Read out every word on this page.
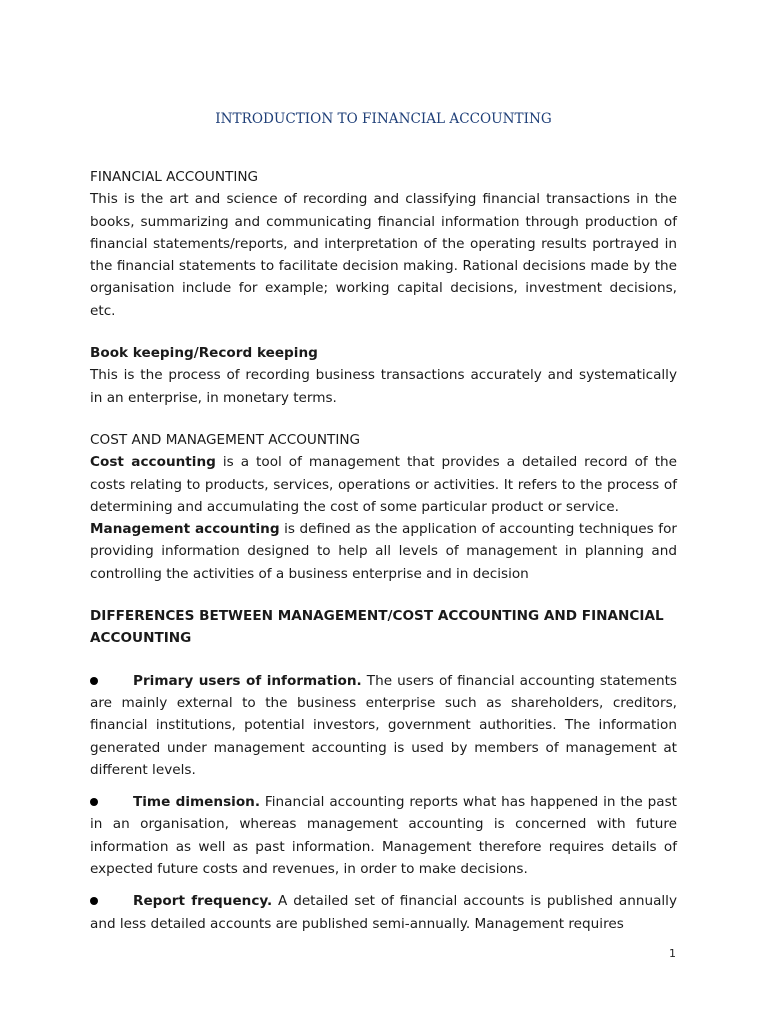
INTRODUCTION TO FINANCIAL ACCOUNTING
FINANCIAL ACCOUNTING

This is the art and science of recording and classifying financial transactions in the books, summarizing and communicating financial information through production of financial statements/reports, and interpretation of the operating results portrayed in the financial statements to facilitate decision making. Rational decisions made by the organisation include for example; working capital decisions, investment decisions, etc.

Book keeping/Record keeping

This is the process of recording business transactions accurately and systematically in an enterprise, in monetary terms.

COST AND MANAGEMENT ACCOUNTING

Cost accounting is a tool of management that provides a detailed record of the costs relating to products, services, operations or activities. It refers to the process of determining and accumulating the cost of some particular product or service.

Management accounting is defined as the application of accounting techniques for providing information designed to help all levels of management in planning and controlling the activities of a business enterprise and in decision

DIFFERENCES BETWEEN MANAGEMENT/COST ACCOUNTING AND FINANCIAL ACCOUNTING

Primary users of information. The users of financial accounting statements are mainly external to the business enterprise such as shareholders, creditors, financial institutions, potential investors, government authorities. The information generated under management accounting is used by members of management at different levels.

Time dimension. Financial accounting reports what has happened in the past in an organisation, whereas management accounting is concerned with future information as well as past information. Management therefore requires details of expected future costs and revenues, in order to make decisions.

Report frequency. A detailed set of financial accounts is published annually and less detailed accounts are published semi-annually. Management requires

1
